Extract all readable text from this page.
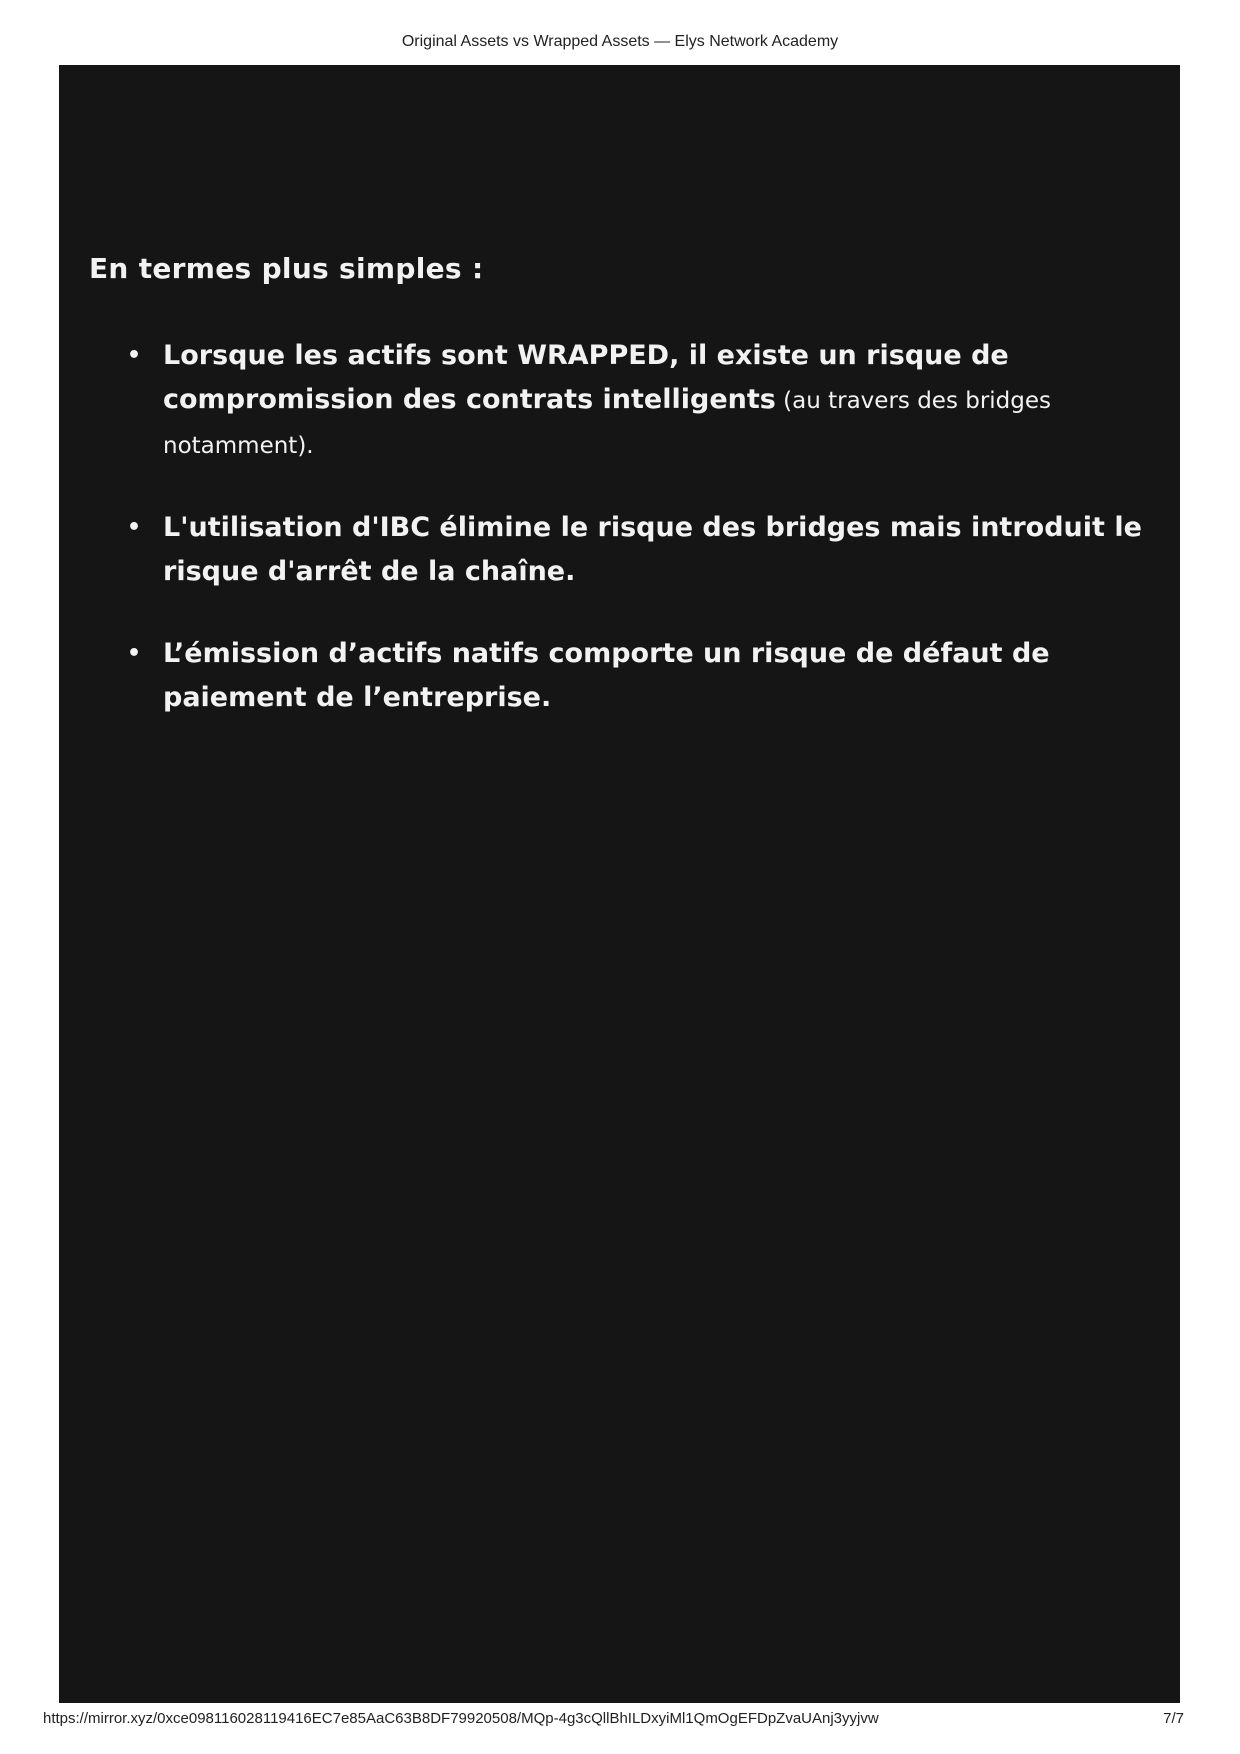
Original Assets vs Wrapped Assets — Elys Network Academy
En termes plus simples :
• Lorsque les actifs sont WRAPPED, il existe un risque de compromission des contrats intelligents (au travers des bridges notamment).
• L'utilisation d'IBC élimine le risque des bridges mais introduit le risque d'arrêt de la chaîne.
• L’émission d’actifs natifs comporte un risque de défaut de paiement de l’entreprise.
https://mirror.xyz/0xce098116028119416EC7e85AaC63B8DF79920508/MQp-4g3cQllBhILDxyiMl1QmOgEFDpZvaUAnj3yyjvw	7/7
